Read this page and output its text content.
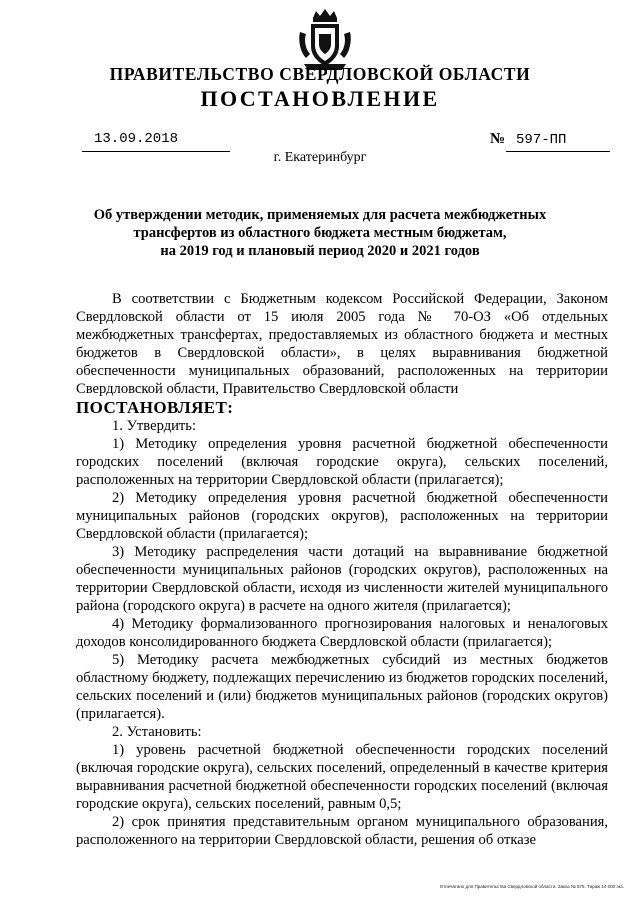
ПРАВИТЕЛЬСТВО СВЕРДЛОВСКОЙ ОБЛАСТИ
ПОСТАНОВЛЕНИЕ
13.09.2018	№ 597-ПП
г. Екатеринбург
Об утверждении методик, применяемых для расчета межбюджетных
трансфертов из областного бюджета местным бюджетам,
на 2019 год и плановый период 2020 и 2021 годов

В соответствии с Бюджетным кодексом Российской Федерации, Законом Свердловской области от 15 июля 2005 года № 70-ОЗ «Об отдельных межбюджетных трансфертах, предоставляемых из областного бюджета и местных бюджетов в Свердловской области», в целях выравнивания бюджетной обеспеченности муниципальных образований, расположенных на территории Свердловской области, Правительство Свердловской области

ПОСТАНОВЛЯЕТ:

1. Утвердить:

1) Методику определения уровня расчетной бюджетной обеспеченности городских поселений (включая городские округа), сельских поселений, расположенных на территории Свердловской области (прилагается);

2) Методику определения уровня расчетной бюджетной обеспеченности муниципальных районов (городских округов), расположенных на территории Свердловской области (прилагается);

3) Методику распределения части дотаций на выравнивание бюджетной обеспеченности муниципальных районов (городских округов), расположенных на территории Свердловской области, исходя из численности жителей муниципального района (городского округа) в расчете на одного жителя (прилагается);

4) Методику формализованного прогнозирования налоговых и неналоговых доходов консолидированного бюджета Свердловской области (прилагается);

5) Методику расчета межбюджетных субсидий из местных бюджетов областному бюджету, подлежащих перечислению из бюджетов городских поселений, сельских поселений и (или) бюджетов муниципальных районов (городских округов) (прилагается).

2. Установить:

1) уровень расчетной бюджетной обеспеченности городских поселений (включая городские округа), сельских поселений, определенный в качестве критерия выравнивания расчетной бюджетной обеспеченности городских поселений (включая городские округа), сельских поселений, равным 0,5;

2) срок принятия представительным органом муниципального образования, расположенного на территории Свердловской области, решения об отказе

Отпечатано для Правительства Свердловской области. Заказ № 575. Тираж 14 000 экз.
